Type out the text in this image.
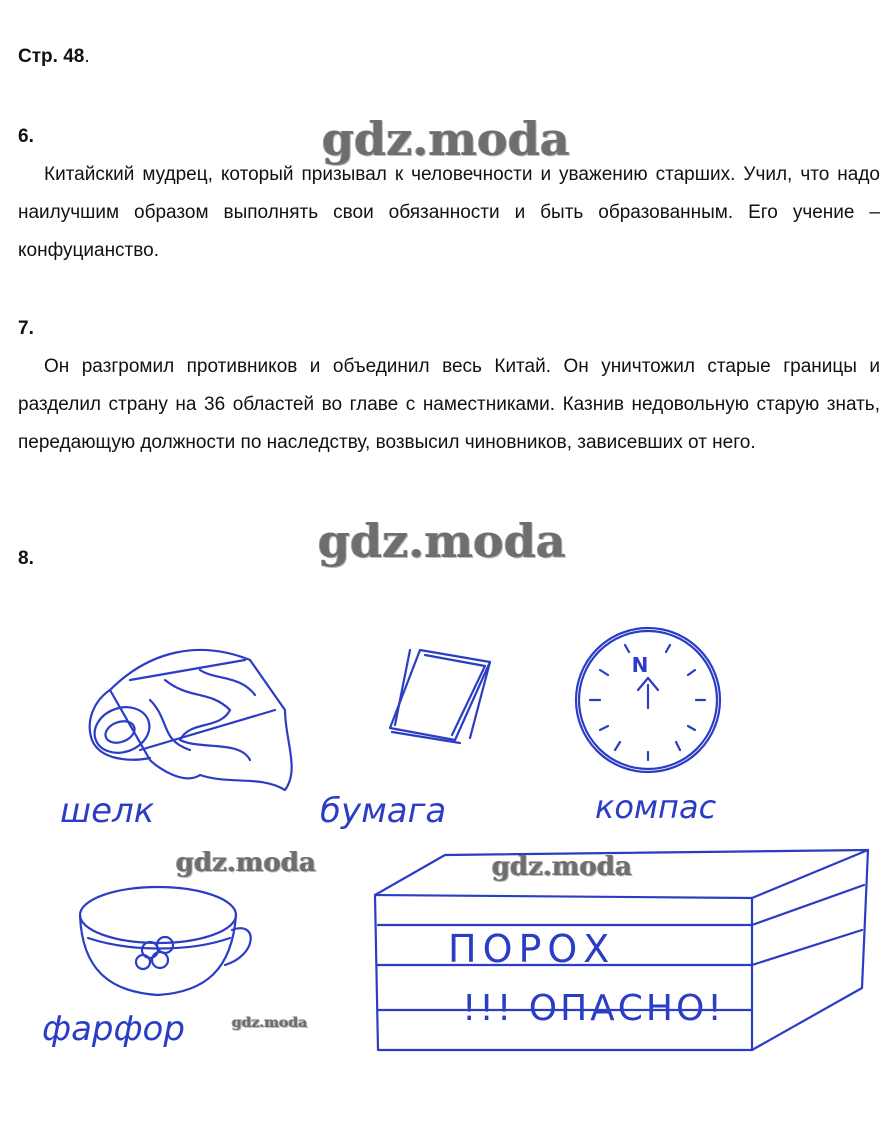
Стр. 48.
6.	gdz.moda

Китайский мудрец, который призывал к человечности и уважению старших. Учил, что надо наилучшим образом выполнять свои обязанности и быть образованным. Его учение – конфуцианство.

7.

Он разгромил противников и объединил весь Китай. Он уничтожил старые границы и разделил страну на 36 областей во главе с наместниками. Казнив недовольную старую знать, передающую должности по наследству, возвысил чиновников, зависевших от него.

8.	gdz.moda
шелк	бумага	компас
N
фарфор
ПОРОХ
!!! ОПАСНО!
gdz.moda	gdz.moda
gdz.moda
